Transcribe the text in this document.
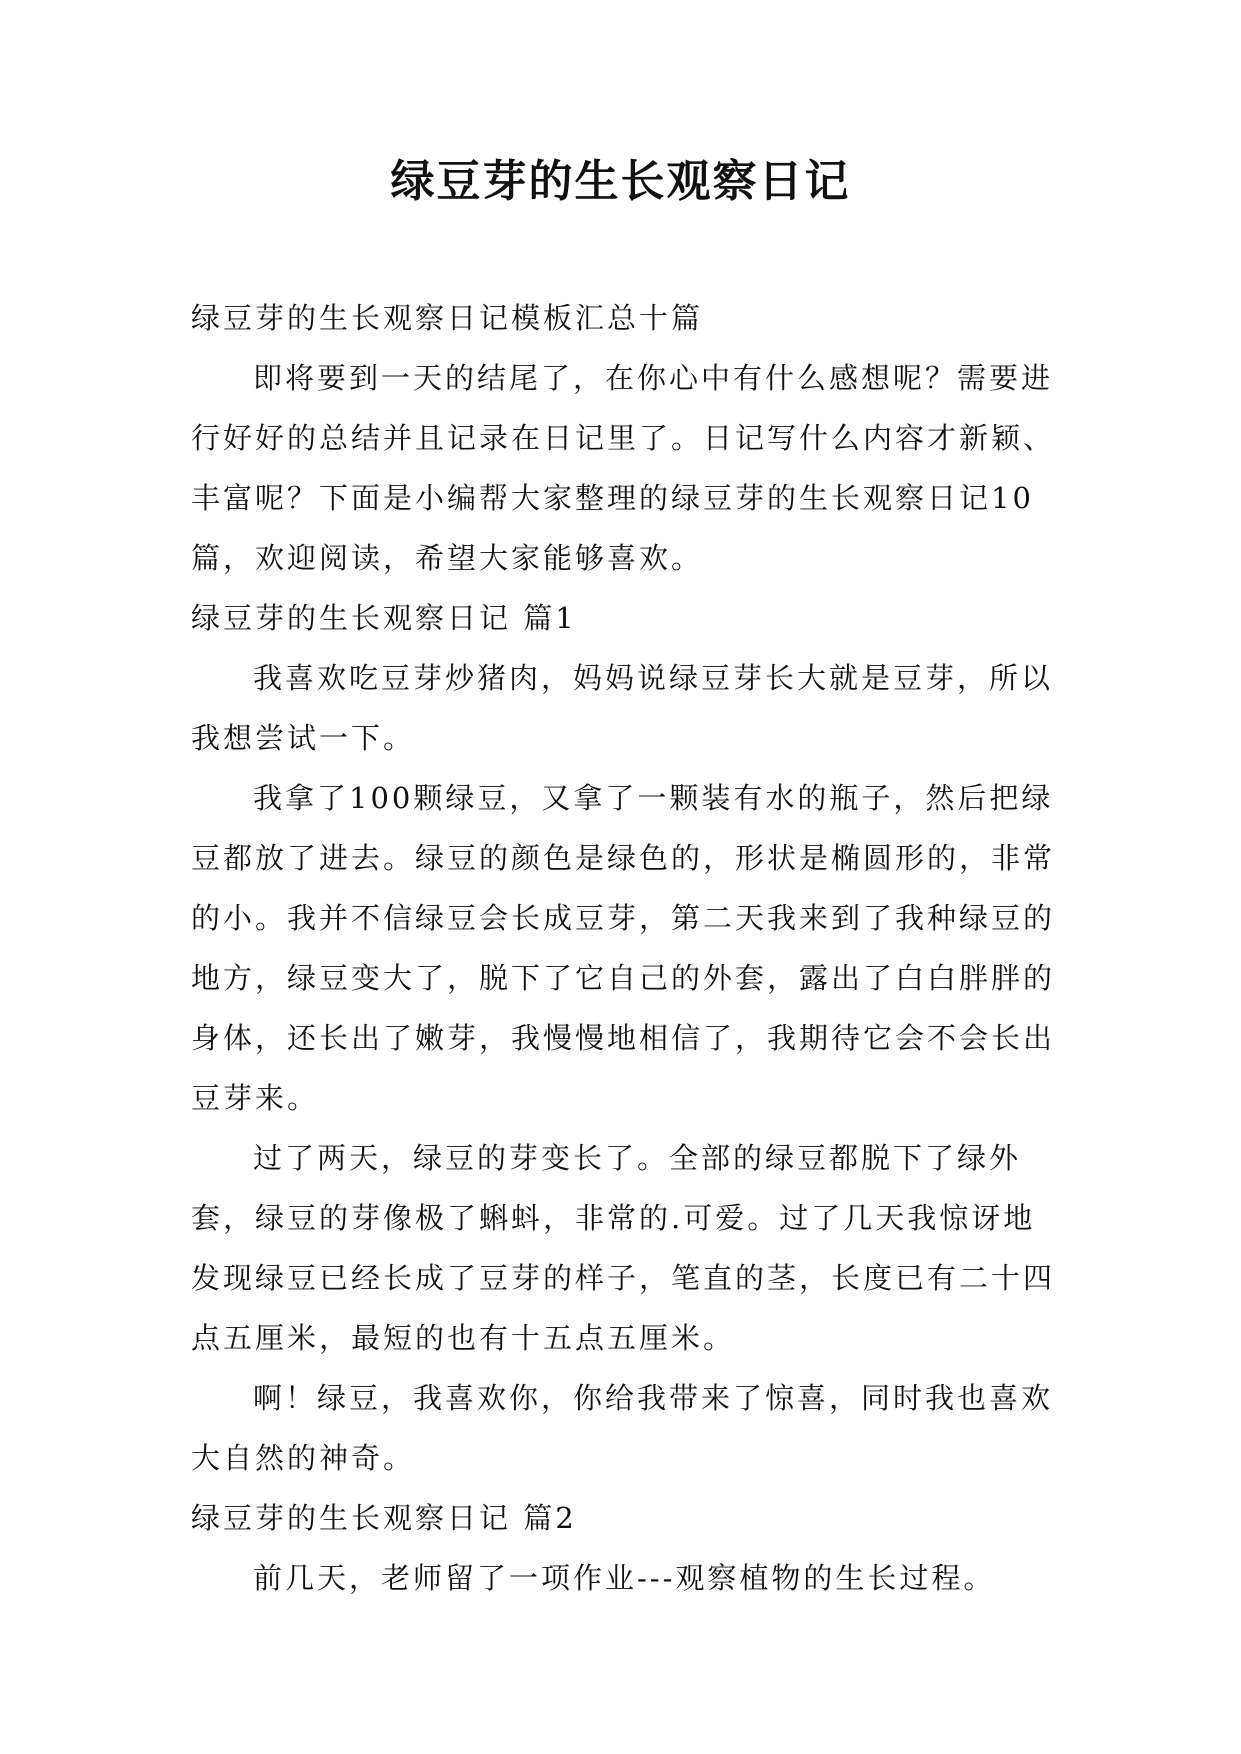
绿豆芽的生长观察日记

绿豆芽的生长观察日记模板汇总十篇

即将要到一天的结尾了，在你心中有什么感想呢？需要进行好好的总结并且记录在日记里了。日记写什么内容才新颖、丰富呢？下面是小编帮大家整理的绿豆芽的生长观察日记10篇，欢迎阅读，希望大家能够喜欢。

绿豆芽的生长观察日记 篇1

我喜欢吃豆芽炒猪肉，妈妈说绿豆芽长大就是豆芽，所以我想尝试一下。

我拿了100颗绿豆，又拿了一颗装有水的瓶子，然后把绿豆都放了进去。绿豆的颜色是绿色的，形状是椭圆形的，非常的小。我并不信绿豆会长成豆芽，第二天我来到了我种绿豆的地方，绿豆变大了，脱下了它自己的外套，露出了白白胖胖的身体，还长出了嫩芽，我慢慢地相信了，我期待它会不会长出豆芽来。

过了两天，绿豆的芽变长了。全部的绿豆都脱下了绿外套，绿豆的芽像极了蝌蚪，非常的.可爱。过了几天我惊讶地发现绿豆已经长成了豆芽的样子，笔直的茎，长度已有二十四点五厘米，最短的也有十五点五厘米。

啊！绿豆，我喜欢你，你给我带来了惊喜，同时我也喜欢大自然的神奇。

绿豆芽的生长观察日记 篇2

前几天，老师留了一项作业---观察植物的生长过程。
